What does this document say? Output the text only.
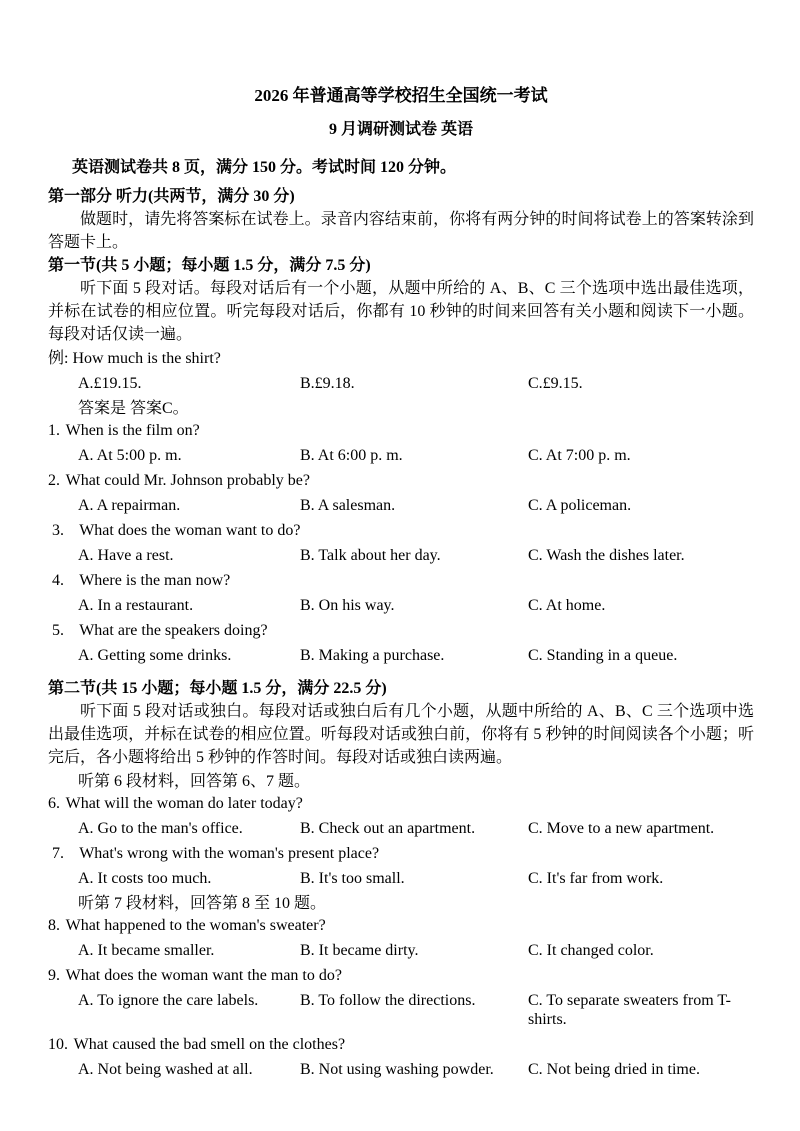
2026 年普通高等学校招生全国统一考试
9 月调研测试卷 英语
英语测试卷共 8 页，满分 150 分。考试时间 120 分钟。
第一部分 听力(共两节，满分 30 分)
做题时，请先将答案标在试卷上。录音内容结束前，你将有两分钟的时间将试卷上的答案转涂到答题卡上。
第一节(共 5 小题；每小题 1.5 分，满分 7.5 分)
听下面 5 段对话。每段对话后有一个小题，从题中所给的 A、B、C 三个选项中选出最佳选项，并标在试卷的相应位置。听完每段对话后，你都有 10 秒钟的时间来回答有关小题和阅读下一小题。每段对话仅读一遍。
例: How much is the shirt?
A.£19.15.	B.£9.18.	C.£9.15.
答案是 答案C。
1. When is the film on?
A. At 5:00 p. m.	B. At 6:00 p. m.	C. At 7:00 p. m.
2. What could Mr. Johnson probably be?
A. A repairman.	B. A salesman.	C. A policeman.
3. What does the woman want to do?
A. Have a rest.	B. Talk about her day.	C. Wash the dishes later.
4. Where is the man now?
A. In a restaurant.	B. On his way.	C. At home.
5. What are the speakers doing?
A. Getting some drinks.	B. Making a purchase.	C. Standing in a queue.
第二节(共 15 小题；每小题 1.5 分，满分 22.5 分)
听下面 5 段对话或独白。每段对话或独白后有几个小题，从题中所给的 A、B、C 三个选项中选出最佳选项，并标在试卷的相应位置。听每段对话或独白前，你将有 5 秒钟的时间阅读各个小题；听完后，各小题将给出 5 秒钟的作答时间。每段对话或独白读两遍。
听第 6 段材料，回答第 6、7 题。
6. What will the woman do later today?
A. Go to the man's office.	B. Check out an apartment.	C. Move to a new apartment.
7. What's wrong with the woman's present place?
A. It costs too much.	B. It's too small.	C. It's far from work.
听第 7 段材料，回答第 8 至 10 题。
8. What happened to the woman's sweater?
A. It became smaller.	B. It became dirty.	C. It changed color.
9. What does the woman want the man to do?
A. To ignore the care labels.	B. To follow the directions.	C. To separate sweaters from T-shirts.
10. What caused the bad smell on the clothes?
A. Not being washed at all.	B. Not using washing powder.	C. Not being dried in time.
